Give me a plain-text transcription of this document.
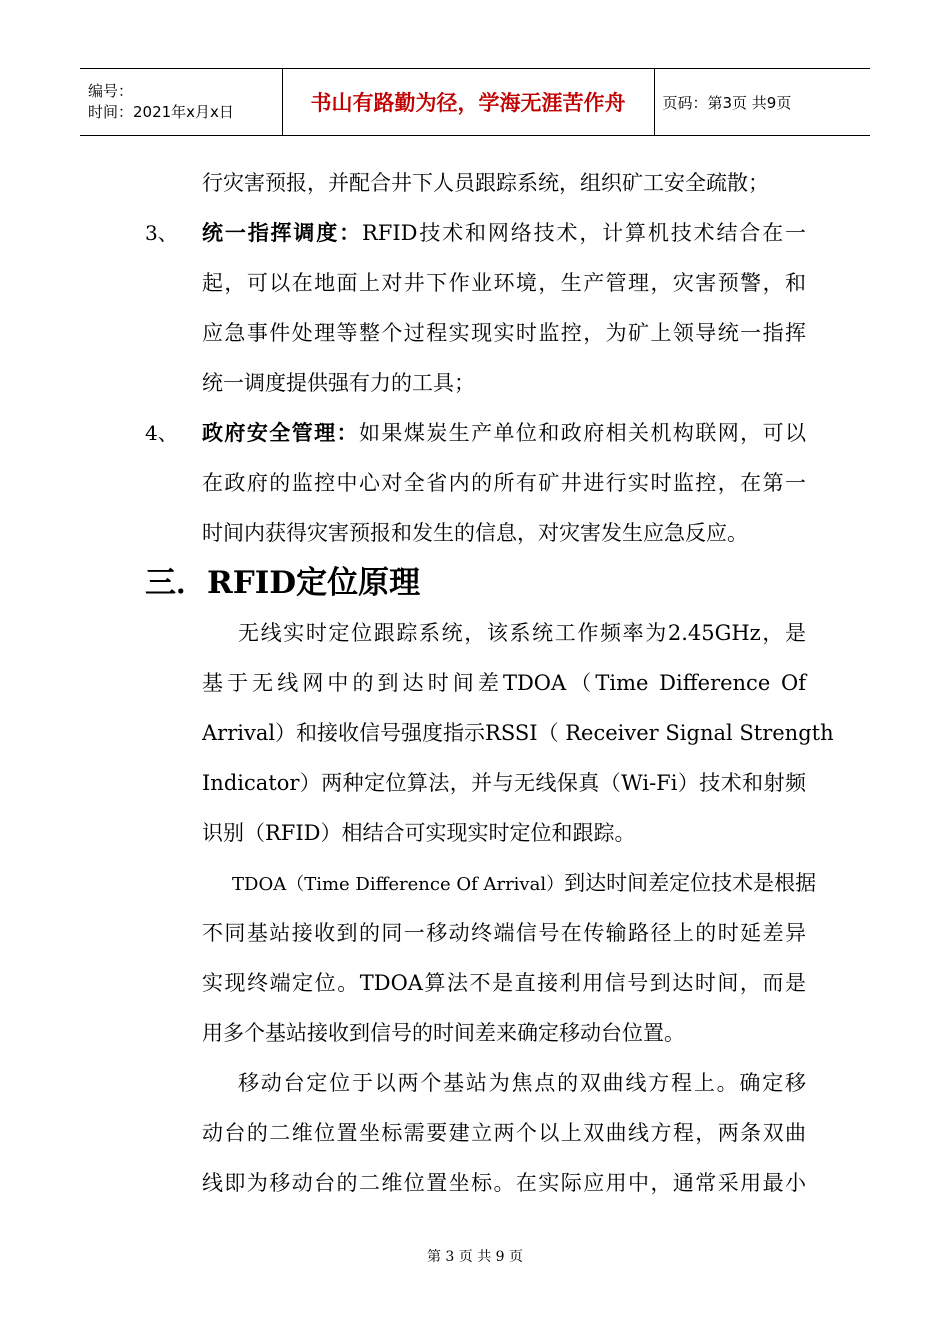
编号：
时间：2021年x月x日	书山有路勤为径，学海无涯苦作舟	页码：第3页 共9页
行灾害预报，并配合井下人员跟踪系统，组织矿工安全疏散；
3、 统一指挥调度：RFID技术和网络技术，计算机技术结合在一
起，可以在地面上对井下作业环境，生产管理，灾害预警，和
应急事件处理等整个过程实现实时监控，为矿上领导统一指挥
统一调度提供强有力的工具；
4、 政府安全管理：如果煤炭生产单位和政府相关机构联网，可以
在政府的监控中心对全省内的所有矿井进行实时监控，在第一
时间内获得灾害预报和发生的信息，对灾害发生应急反应。
三．RFID定位原理
无线实时定位跟踪系统，该系统工作频率为2.45GHz，是
基于无线网中的到达时间差TDOA（Time Difference Of
Arrival）和接收信号强度指示RSSI（ Receiver Signal Strength
Indicator）两种定位算法，并与无线保真（Wi-Fi）技术和射频
识别（RFID）相结合可实现实时定位和跟踪。
TDOA（Time Difference Of Arrival）到达时间差定位技术是根据
不同基站接收到的同一移动终端信号在传输路径上的时延差异
实现终端定位。TDOA算法不是直接利用信号到达时间，而是
用多个基站接收到信号的时间差来确定移动台位置。
移动台定位于以两个基站为焦点的双曲线方程上。确定移
动台的二维位置坐标需要建立两个以上双曲线方程，两条双曲
线即为移动台的二维位置坐标。在实际应用中，通常采用最小
第 3 页 共 9 页
